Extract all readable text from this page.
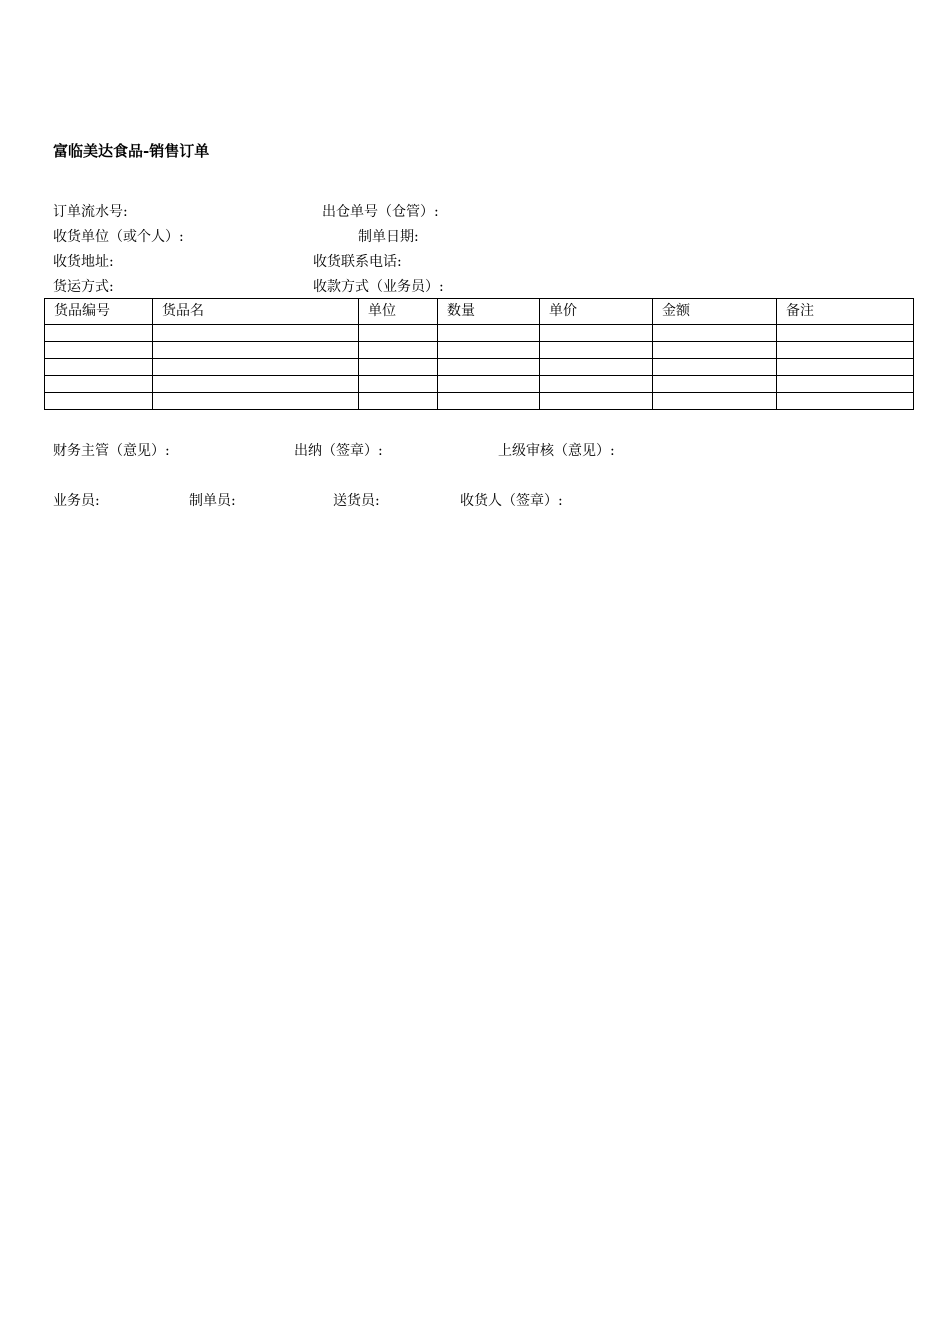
富临美达食品-销售订单
订单流水号:	出仓单号（仓管）:
收货单位（或个人）:	制单日期:
收货地址:	收货联系电话:
货运方式:	收款方式（业务员）:
货品编号	货品名	单位	数量	单价	金额	备注

财务主管（意见）:	出纳（签章）:	上级审核（意见）:
业务员:	制单员:	送货员:	收货人（签章）:
